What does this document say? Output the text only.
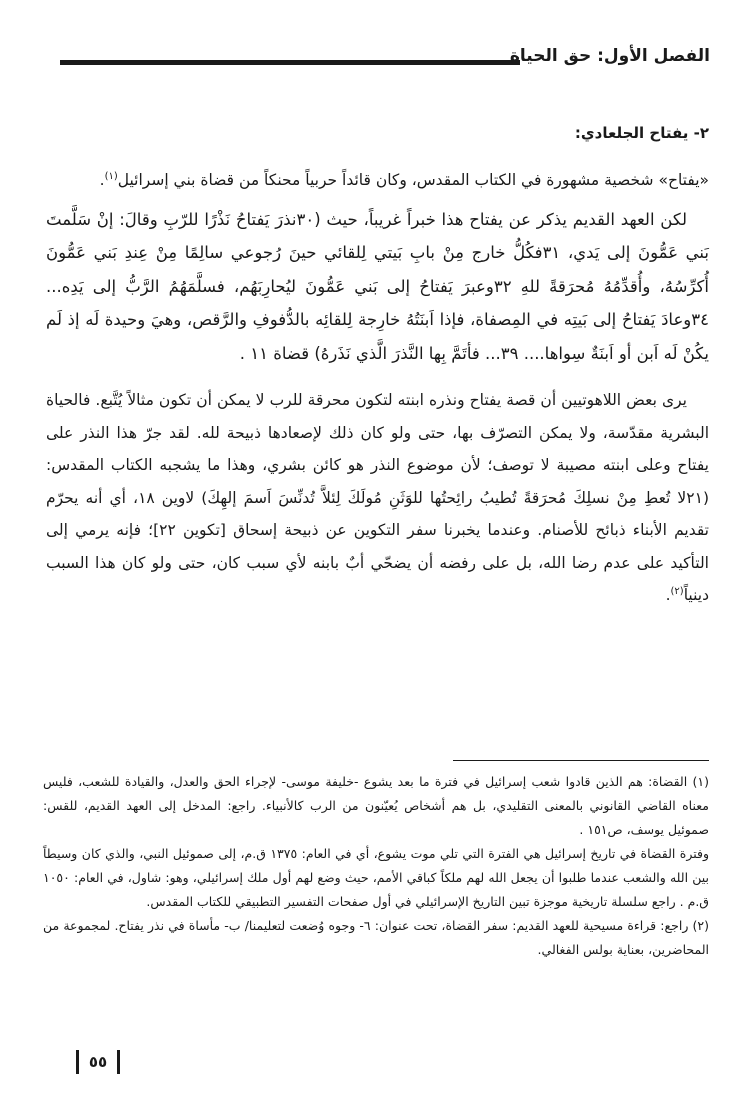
الفصل الأول: حق الحياة
٢- يفتاح الجلعادي:

«يفتاح» شخصية مشهورة في الكتاب المقدس، وكان قائداً حربياً محنكاً من قضاة بني إسرائيل$^{(١)}$.

لكن العهد القديم يذكر عن يفتاح هذا خبراً غريباً، حيث (٣٠نذرَ يَفتاحُ نَذْرًا للرّبِ وقالَ: إنْ سَلَّمتَ بَني عَمُّونَ إلى يَدي، ٣١فكُلُّ خارج مِنْ بابِ بَيتي لِلقائي حينَ رُجوعي سالِمًا مِنْ عِندِ بَني عَمُّونَ أُكرِّسُهُ، وأُقدِّمُهُ مُحرَقةً للهِ ٣٢وعبرَ يَفتاحُ إلى بَني عَمُّونَ ليُحارِبَهُم، فسلَّمَهُمُ الرَّبُّ إلى يَدِه... ٣٤وعادَ يَفتاحُ إلى بَيتِه في المِصفاة، فإذا اَبنَتُهُ خارِجة لِلقائِه بالدُّفوفِ والرَّقص، وهيَ وحيدة لَه إذ لَم يكُنْ لَه اَبن أو اَبنَةٌ سِواها.... ٣٩... فأتَمَّ بِها النَّذرَ الَّذي نَذَرهُ) قضاة ١١ .

يرى بعض اللاهوتيين أن قصة يفتاح ونذره ابنته لتكون محرقة للرب لا يمكن أن تكون مثالاً يُتَّبع. فالحياة البشرية مقدّسة، ولا يمكن التصرّف بها، حتى ولو كان ذلك لإصعادها ذبيحة لله. لقد جرّ هذا النذر على يفتاح وعلى ابنته مصيبة لا توصف؛ لأن موضوع النذر هو كائن بشري، وهذا ما يشجبه الكتاب المقدس: (٢١لا تُعطِ مِنْ نسلِكَ مُحرَقةً تُطيبُ رائِحتُها للوَثَنِ مُولَكَ لِئلاَّ تُدنِّسَ اَسمَ إلهِكَ) لاوين ١٨، أي أنه يحرّم تقديم الأبناء ذبائح للأصنام. وعندما يخبرنا سفر التكوين عن ذبيحة إسحاق [تكوين ٢٢]؛ فإنه يرمي إلى التأكيد على عدم رضا الله، بل على رفضه أن يضحّي أبٌ بابنه لأي سبب كان، حتى ولو كان هذا السبب دينياً$^{(٢)}$.

(١) القضاة: هم الذين قادوا شعب إسرائيل في فترة ما بعد يشوع -خليفة موسى- لإجراء الحق والعدل، والقيادة للشعب، فليس معناه القاضي القانوني بالمعنى التقليدي، بل هم أشخاص يُعيّنون من الرب كالأنبياء. راجع: المدخل إلى العهد القديم، للقس: صموئيل يوسف، ص١٥١ .

وفترة القضاة في تاريخ إسرائيل هي الفترة التي تلي موت يشوع، أي في العام: ١٣٧٥ ق.م، إلى صموئيل النبي، والذي كان وسيطاً بين الله والشعب عندما طلبوا أن يجعل الله لهم ملكاً كباقي الأمم، حيث وضع لهم أول ملك إسرائيلي، وهو: شاول، في العام: ١٠٥٠ ق.م . راجع سلسلة تاريخية موجزة تبين التاريخ الإسرائيلي في أول صفحات التفسير التطبيقي للكتاب المقدس.

(٢) راجع: قراءة مسيحية للعهد القديم: سفر القضاة، تحت عنوان: ٦- وجوه وُضعت لتعليمنا/ ب- مأساة في نذر يفتاح. لمجموعة من المحاضرين، بعناية بولس الفغالي.

٥٥
